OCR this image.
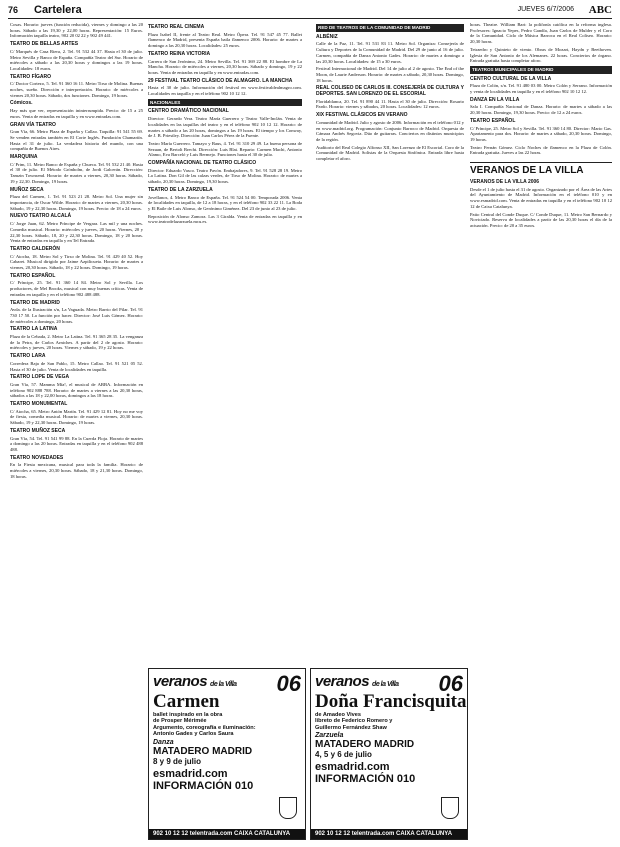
76 Cartelera	JUEVES 6/7/2006 ABC

Cosas. Horario: jueves (función reducida), viernes y domingo a las 20 horas. Sábado a las 19,30 y 22,00 horas. Representación: 15 Euros. Información taquilla teatro, 902 20 02 22 y 902 49 441.

TEATRO DE BELLAS ARTES

C/ Marqués de Casa Riera, 2. Tel. 91 532 44 37. Hasta el 30 de julio. Metro Sevilla y Banco de España. Compañía Teatro del Sur. Horario de miércoles a sábado a las 20,30 horas y domingos a las 19 horas. Localidades: 18 euros.

TEATRO FÍGARO

C/ Doctor Cortezo, 5. Tel. 91 360 16 11. Metro Tirso de Molina. Buenas noches, sueño. Dirección e interpretación. Horario: de miércoles a viernes 20,30 horas. Sábado, dos funciones. Domingo, 19 horas.

Cómicos.

Hay más que ver, representación ininterrumpida. Precio: de 15 a 25 euros. Venta de entradas en taquilla y en www.entradas.com.

GRAN VÍA TEATRO

Gran Vía, 66. Metro Plaza de España y Callao. Taquilla: 91 541 55 69. Se venden entradas también en El Corte Inglés. Fundación Chamartín. Hasta el 31 de julio. La verdadera historia del mundo, con una compañía de Buenos Aires.

MARQUINA

C/ Prim, 11. Metro Banco de España y Chueca. Tel. 91 532 21 40. Hasta el 30 de julio. El Método Grönholm, de Jordi Galcerán. Dirección: Tamzin Townsend. Horario: de martes a viernes, 20,30 horas. Sábado, 19 y 22,30. Domingo, 19 horas.

MUÑOZ SECA

Plaza del Carmen, 1. Tel. 91 523 21 28. Metro Sol. Una mujer sin importancia, de Oscar Wilde. Horario: de martes a viernes, 20,30 horas. Sábado, 19 y 22,30 horas. Domingo, 19 horas. Precio: de 18 a 24 euros.

NUEVO TEATRO ALCALÁ

C/ Jorge Juan, 62. Metro Príncipe de Vergara. Las mil y una noches. Comedia musical. Horario: miércoles y jueves, 20 horas. Viernes, 20 y 22,30 horas. Sábado, 18, 20 y 22,30 horas. Domingo, 18 y 20 horas. Venta de entradas en taquilla y en Tel Entrada.

TEATRO CALDERÓN

C/ Atocha, 18. Metro Sol y Tirso de Molina. Tel. 91 429 40 52. Hoy Cabaret. Musical dirigido por Jaime Azpilicueta. Horario: de martes a viernes, 20,30 horas. Sábado, 18 y 22 horas. Domingo, 19 horas.

TEATRO ESPAÑOL

C/ Príncipe, 25. Tel. 91 360 14 84. Metro Sol y Sevilla. Los productores, de Mel Brooks, musical con muy buenas críticas. Venta de entradas en taquilla y en el teléfono 902 488 488.

TEATRO DE MADRID

Avda. de la Ilustración s/n, La Vaguada. Metro Barrio del Pilar. Tel. 91 730 17 50. La función por hacer. Director: José Luis Gómez. Horario: de miércoles a domingo, 20 horas.

TEATRO LA LATINA

Plaza de la Cebada, 2. Metro La Latina. Tel. 91 365 28 35. La venganza de la Petra, de Carlos Arniches. A partir del 2 de agosto. Horario: miércoles y jueves, 20 horas. Viernes y sábado, 19 y 22 horas.

TEATRO LARA

Corredera Baja de San Pablo, 15. Metro Callao. Tel. 91 521 05 52. Hasta el 30 de julio. Venta de localidades en taquilla.

TEATRO LOPE DE VEGA

Gran Vía, 57. Mamma Mía!, el musical de ABBA. Información en teléfono 902 888 788. Horario: de martes a viernes a las 20,30 horas, sábados a las 18 y 22,00 horas, domingos a las 18 horas.

TEATRO MONUMENTAL

C/ Atocha, 65. Metro Antón Martín. Tel. 91 429 12 81. Hoy no me voy de fiesta, comedia musical. Horario: de martes a viernes, 20,30 horas. Sábado, 19 y 22,30 horas. Domingo, 19 horas.

TEATRO MUÑOZ SECA

Gran Vía, 54. Tel. 91 541 99 88. En la Cuerda Floja. Horario de martes a domingo a las 20 horas. Entradas en taquilla y en el teléfono 902 488 488.

TEATRO NOVEDADES

En la Fiesta mexicana, musical para toda la familia. Horario: de miércoles a viernes, 20,30 horas. Sábado, 18 y 21,30 horas. Domingo, 18 horas.

TEATRO REAL CINEMA

Plaza Isabel II, frente al Teatro Real. Metro Ópera. Tel. 91 547 45 77. Ballet flamenco de Madrid, presenta España baila flamenco 2006. Horario: de martes a domingo a las 20,30 horas. Localidades: 25 euros.

TEATRO REINA VICTORIA

Carrera de San Jerónimo, 24. Metro Sevilla. Tel. 91 369 22 88. El hombre de La Mancha. Horario: de miércoles a viernes, 20,30 horas. Sábado y domingo, 19 y 22 horas. Venta de entradas en taquilla y en www.entradas.com.

29 FESTIVAL TEATRO CLÁSICO DE ALMAGRO. LA MANCHA

Hasta el 30 de julio. Información del festival en www.festivaldealmagro.com. Localidades en taquilla y en el teléfono 902 10 12 12.

NACIONALES
CENTRO DRAMÁTICO NACIONAL

Director: Gerardo Vera. Teatro María Guerrero y Teatro Valle-Inclán. Venta de localidades en las taquillas del teatro y en el teléfono 902 10 12 12. Horario: de martes a sábado a las 20 horas, domingos a las 19 horas. El tiempo y los Conway, de J. B. Priestley. Dirección: Juan Carlos Pérez de la Fuente.

Teatro María Guerrero. Tamayo y Baus, 4. Tel. 91 310 29 49. La buena persona de Sezuan, de Bertolt Brecht. Dirección: Luis Blat. Reparto: Carmen Machi, Antonio Alamo, Eva Barceló y Luis Bermejo. Funciones hasta el 30 de julio.

COMPAÑÍA NACIONAL DE TEATRO CLÁSICO

Director: Eduardo Vasco. Teatro Pavón. Embajadores, 9. Tel. 91 528 28 19. Metro La Latina. Don Gil de las calzas verdes, de Tirso de Molina. Horario: de martes a sábado, 20,30 horas. Domingo, 19,30 horas.

TEATRO DE LA ZARZUELA

Jovellanos, 4. Metro Banco de España. Tel. 91 524 54 00. Temporada 2006. Venta de localidades en taquilla, de 12 a 18 horas, y en el teléfono 902 33 22 11. La Boda y El Baile de Luis Alonso, de Gerónimo Giménez. Del 23 de junio al 23 de julio.

Reposición de Alonso Zamora. Las 3 Giralda. Venta de entradas en taquilla y en www.teatrodelazarzuela.mcu.es.

RED DE TEATROS DE LA COMUNIDAD DE MADRID
ALBÉNIZ

Calle de la Paz, 11. Tel. 91 531 83 11. Metro Sol. Organiza: Consejería de Cultura y Deportes de la Comunidad de Madrid. Del 29 de junio al 16 de julio. Carmen, compañía de Danza Antonio Gades. Horario: de martes a domingo a las 20,30 horas. Localidades: de 15 a 30 euros.

Festival Internacional de Madrid. Del 14 de julio al 2 de agosto. The End of the Moon, de Laurie Anderson. Horario: de martes a sábado, 20,30 horas. Domingo, 18 horas.

REAL COLISEO DE CARLOS III. CONSEJERÍA DE CULTURA Y DEPORTES. SAN LORENZO DE EL ESCORIAL

Floridablanca, 20. Tel. 91 890 44 11. Hasta el 30 de julio. Dirección: Rosario Pardo. Horario: viernes y sábados, 20 horas. Localidades: 12 euros.

XIX FESTIVAL CLÁSICOS EN VERANO

Comunidad de Madrid. Julio y agosto de 2006. Información en el teléfono 012 y en www.madrid.org. Programación: Conjunto Barroco de Madrid. Orquesta de Cámara Andrés Segovia. Dúo de guitarras. Conciertos en distintos municipios de la región.

Auditorio del Real Colegio Alfonso XII, San Lorenzo de El Escorial. Coro de la Comunidad de Madrid. Solistas de la Orquesta Sinfónica. Entrada libre hasta completar el aforo.

horas. Theatre. William Bart: la polifonía católica en la reforma inglesa. Profesores: Ignacio Yepes, Pedro Gandía, Juan Carlos de Mulder y el Coro de la Comunidad. Ciclo de Música Barroca en el Real Coliseo. Horario: 20,30 horas.

Tetraedro y Quinteto de viento. Obras de Mozart, Haydn y Beethoven. Iglesia de San Antonio de los Alemanes. 22 horas. Conciertos de órgano. Entrada gratuita hasta completar aforo.

TEATROS MUNICIPALES DE MADRID
CENTRO CULTURAL DE LA VILLA

Plaza de Colón, s/n. Tel. 91 480 03 00. Metro Colón y Serrano. Información y venta de localidades en taquilla y en el teléfono 902 10 12 12.

DANZA EN LA VILLA

Sala I. Compañía Nacional de Danza. Horario: de martes a sábado a las 20,30 horas. Domingo, 19,30 horas. Precio: de 12 a 24 euros.

TEATRO ESPAÑOL

C/ Príncipe, 25. Metro Sol y Sevilla. Tel. 91 360 14 80. Director: Mario Gas. Apartamento para dos. Horario: de martes a sábado, 20,30 horas. Domingo, 19 horas.

Teatro Fernán Gómez. Ciclo Noches de flamenco en la Plaza de Colón. Entrada gratuita. Jueves a las 22 horas.

VERANOS DE LA VILLA
VERANOS DE LA VILLA 2006

Desde el 1 de julio hasta el 31 de agosto. Organizado por el Área de las Artes del Ayuntamiento de Madrid. Información en el teléfono 010 y en www.esmadrid.com. Venta de entradas en taquilla y en el teléfono 902 10 12 12 de Caixa Catalunya.

Patio Central del Conde Duque. C/ Conde Duque, 11. Metro San Bernardo y Noviciado. Reserva de localidades a partir de las 20,30 horas el día de la actuación. Precio: de 20 a 35 euros.

veranos de la Villa	06
Carmen
ballet inspirado en la obra
de Prosper Mérimée
Argumento, coreografía e iluminación:
Antonio Gades y Carlos Saura
Danza
MATADERO MADRID
8 y 9 de julio
esmadrid.com
INFORMACIÓN 010
902 10 12 12 telentrada.com CAIXA CATALUNYA
veranos de la Villa	06
Doña Francisquita
de Amadeo Vives
libreto de Federico Romero y
Guillermo Fernández Shaw
Zarzuela
MATADERO MADRID
4, 5 y 6 de julio
esmadrid.com
INFORMACIÓN 010
902 10 12 12 telentrada.com CAIXA CATALUNYA
